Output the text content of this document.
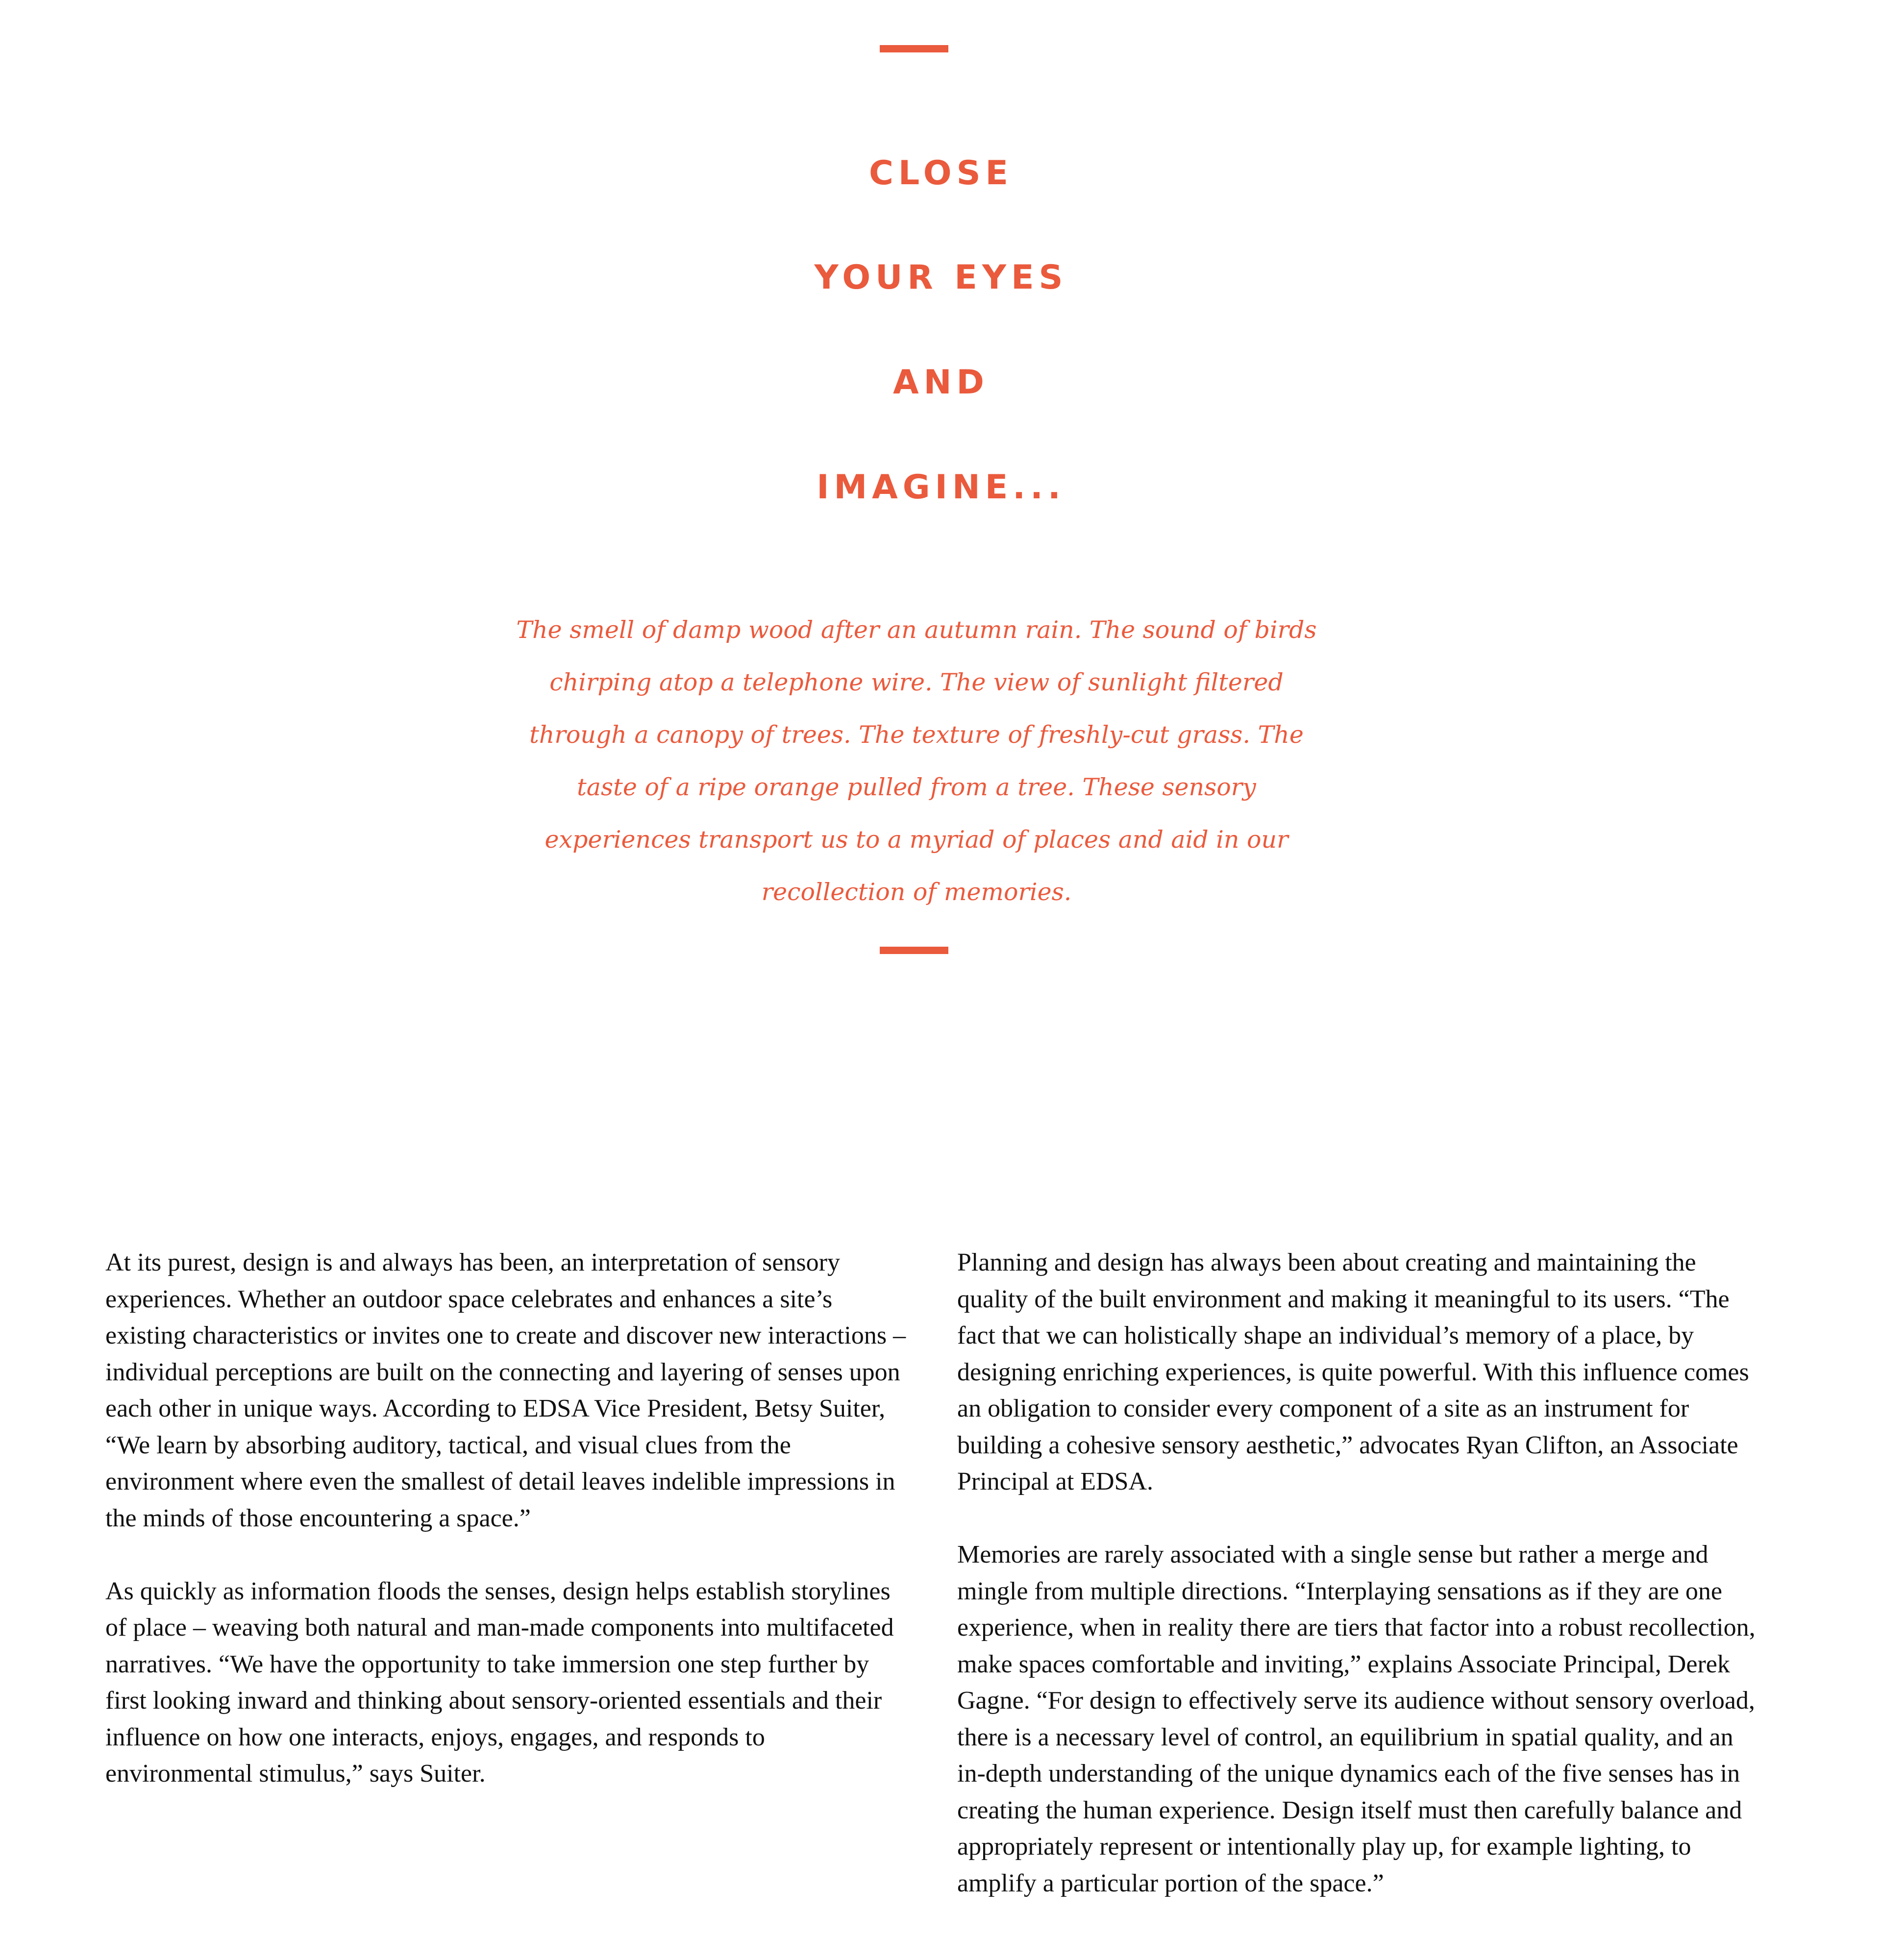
CLOSE
YOUR EYES
AND
IMAGINE...

The smell of damp wood after an autumn rain. The sound of birds chirping atop a telephone wire. The view of sunlight filtered through a canopy of trees. The texture of freshly-cut grass. The taste of a ripe orange pulled from a tree. These sensory experiences transport us to a myriad of places and aid in our recollection of memories.

At its purest, design is and always has been, an interpretation of sensory experiences. Whether an outdoor space celebrates and enhances a site’s existing characteristics or invites one to create and discover new interactions – individual perceptions are built on the connecting and layering of senses upon each other in unique ways. According to EDSA Vice President, Betsy Suiter, “We learn by absorbing auditory, tactical, and visual clues from the environment where even the smallest of detail leaves indelible impressions in the minds of those encountering a space.”

As quickly as information floods the senses, design helps establish storylines of place – weaving both natural and man-made components into multifaceted narratives. “We have the opportunity to take immersion one step further by first looking inward and thinking about sensory-oriented essentials and their influence on how one interacts, enjoys, engages, and responds to environmental stimulus,” says Suiter.

Planning and design has always been about creating and maintaining the quality of the built environment and making it meaningful to its users. “The fact that we can holistically shape an individual’s memory of a place, by designing enriching experiences, is quite powerful. With this influence comes an obligation to consider every component of a site as an instrument for building a cohesive sensory aesthetic,” advocates Ryan Clifton, an Associate Principal at EDSA.

Memories are rarely associated with a single sense but rather a merge and mingle from multiple directions. “Interplaying sensations as if they are one experience, when in reality there are tiers that factor into a robust recollection, make spaces comfortable and inviting,” explains Associate Principal, Derek Gagne. “For design to effectively serve its audience without sensory overload, there is a necessary level of control, an equilibrium in spatial quality, and an in-depth understanding of the unique dynamics each of the five senses has in creating the human experience. Design itself must then carefully balance and appropriately represent or intentionally play up, for example lighting, to amplify a particular portion of the space.”
